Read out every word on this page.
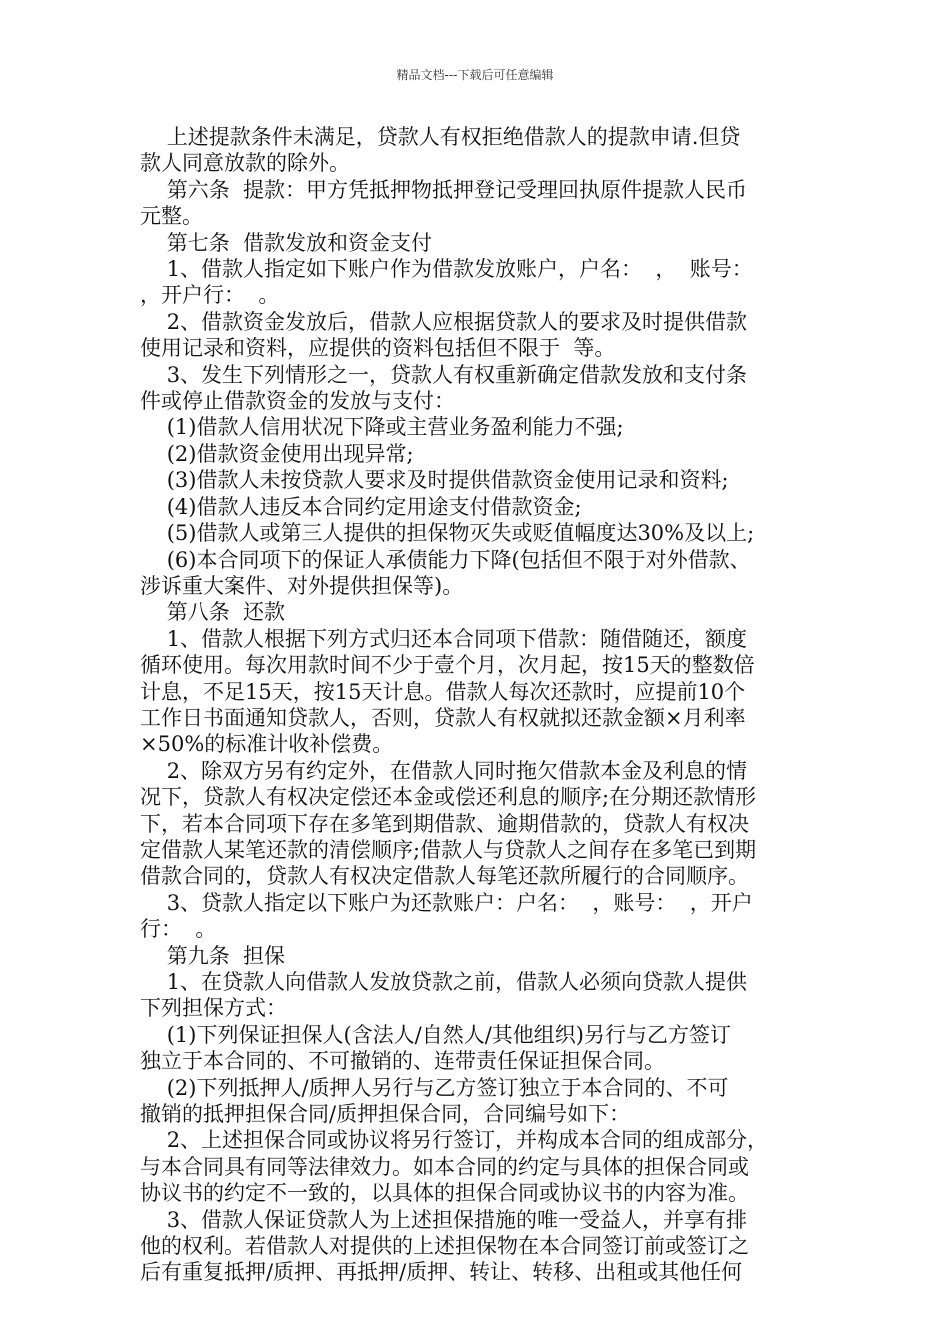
精品文档---下载后可任意编辑

上述提款条件未满足，贷款人有权拒绝借款人的提款申请.但贷

款人同意放款的除外。

第六条  提款：甲方凭抵押物抵押登记受理回执原件提款人民币

元整。

第七条  借款发放和资金支付

1、借款人指定如下账户作为借款发放账户，户名：  ，  账号：

，开户行：  。

2、借款资金发放后，借款人应根据贷款人的要求及时提供借款

使用记录和资料，应提供的资料包括但不限于  等。

3、发生下列情形之一，贷款人有权重新确定借款发放和支付条

件或停止借款资金的发放与支付：

(1)借款人信用状况下降或主营业务盈利能力不强;

(2)借款资金使用出现异常;

(3)借款人未按贷款人要求及时提供借款资金使用记录和资料;

(4)借款人违反本合同约定用途支付借款资金;

(5)借款人或第三人提供的担保物灭失或贬值幅度达30%及以上;

(6)本合同项下的保证人承债能力下降(包括但不限于对外借款、

涉诉重大案件、对外提供担保等)。

第八条  还款

1、借款人根据下列方式归还本合同项下借款：随借随还，额度

循环使用。每次用款时间不少于壹个月，次月起，按15天的整数倍

计息，不足15天，按15天计息。借款人每次还款时，应提前10个

工作日书面通知贷款人，否则，贷款人有权就拟还款金额×月利率

×50%的标准计收补偿费。

2、除双方另有约定外，在借款人同时拖欠借款本金及利息的情

况下，贷款人有权决定偿还本金或偿还利息的顺序;在分期还款情形

下，若本合同项下存在多笔到期借款、逾期借款的，贷款人有权决

定借款人某笔还款的清偿顺序;借款人与贷款人之间存在多笔已到期

借款合同的，贷款人有权决定借款人每笔还款所履行的合同顺序。

3、贷款人指定以下账户为还款账户：户名：  ，账号：  ，开户

行：  。

第九条  担保

1、在贷款人向借款人发放贷款之前，借款人必须向贷款人提供

下列担保方式：

(1)下列保证担保人(含法人/自然人/其他组织)另行与乙方签订

独立于本合同的、不可撤销的、连带责任保证担保合同。

(2)下列抵押人/质押人另行与乙方签订独立于本合同的、不可

撤销的抵押担保合同/质押担保合同，合同编号如下：

2、上述担保合同或协议将另行签订，并构成本合同的组成部分，

与本合同具有同等法律效力。如本合同的约定与具体的担保合同或

协议书的约定不一致的，以具体的担保合同或协议书的内容为准。

3、借款人保证贷款人为上述担保措施的唯一受益人，并享有排

他的权利。若借款人对提供的上述担保物在本合同签订前或签订之

后有重复抵押/质押、再抵押/质押、转让、转移、出租或其他任何
